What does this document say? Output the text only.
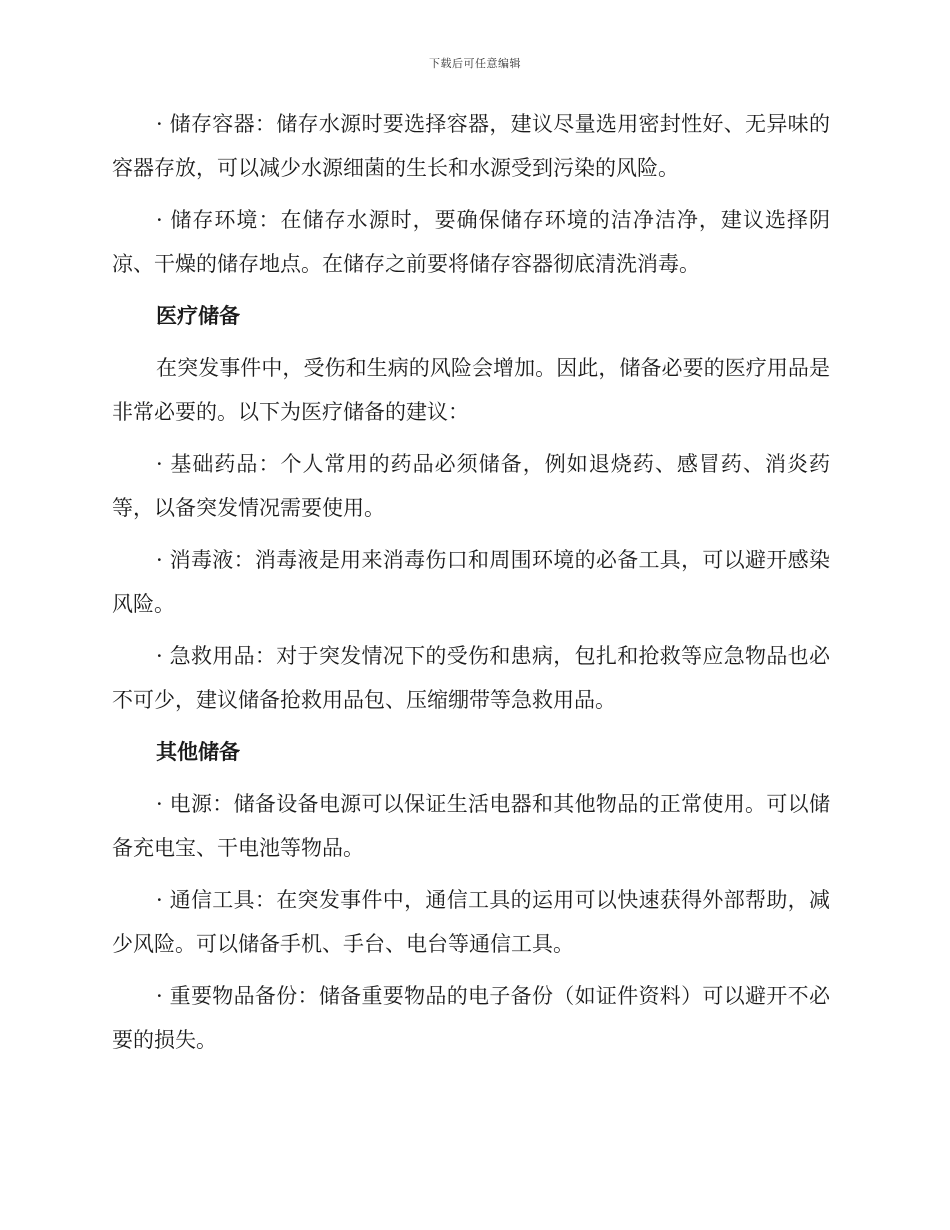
下载后可任意编辑

· 储存容器：储存水源时要选择容器，建议尽量选用密封性好、无异味的容器存放，可以减少水源细菌的生长和水源受到污染的风险。

· 储存环境：在储存水源时，要确保储存环境的洁净洁净，建议选择阴凉、干燥的储存地点。在储存之前要将储存容器彻底清洗消毒。

医疗储备

在突发事件中，受伤和生病的风险会增加。因此，储备必要的医疗用品是非常必要的。以下为医疗储备的建议：

· 基础药品：个人常用的药品必须储备，例如退烧药、感冒药、消炎药等，以备突发情况需要使用。

· 消毒液：消毒液是用来消毒伤口和周围环境的必备工具，可以避开感染风险。

· 急救用品：对于突发情况下的受伤和患病，包扎和抢救等应急物品也必不可少，建议储备抢救用品包、压缩绷带等急救用品。

其他储备

· 电源：储备设备电源可以保证生活电器和其他物品的正常使用。可以储备充电宝、干电池等物品。

· 通信工具：在突发事件中，通信工具的运用可以快速获得外部帮助，减少风险。可以储备手机、手台、电台等通信工具。

· 重要物品备份：储备重要物品的电子备份（如证件资料）可以避开不必要的损失。
